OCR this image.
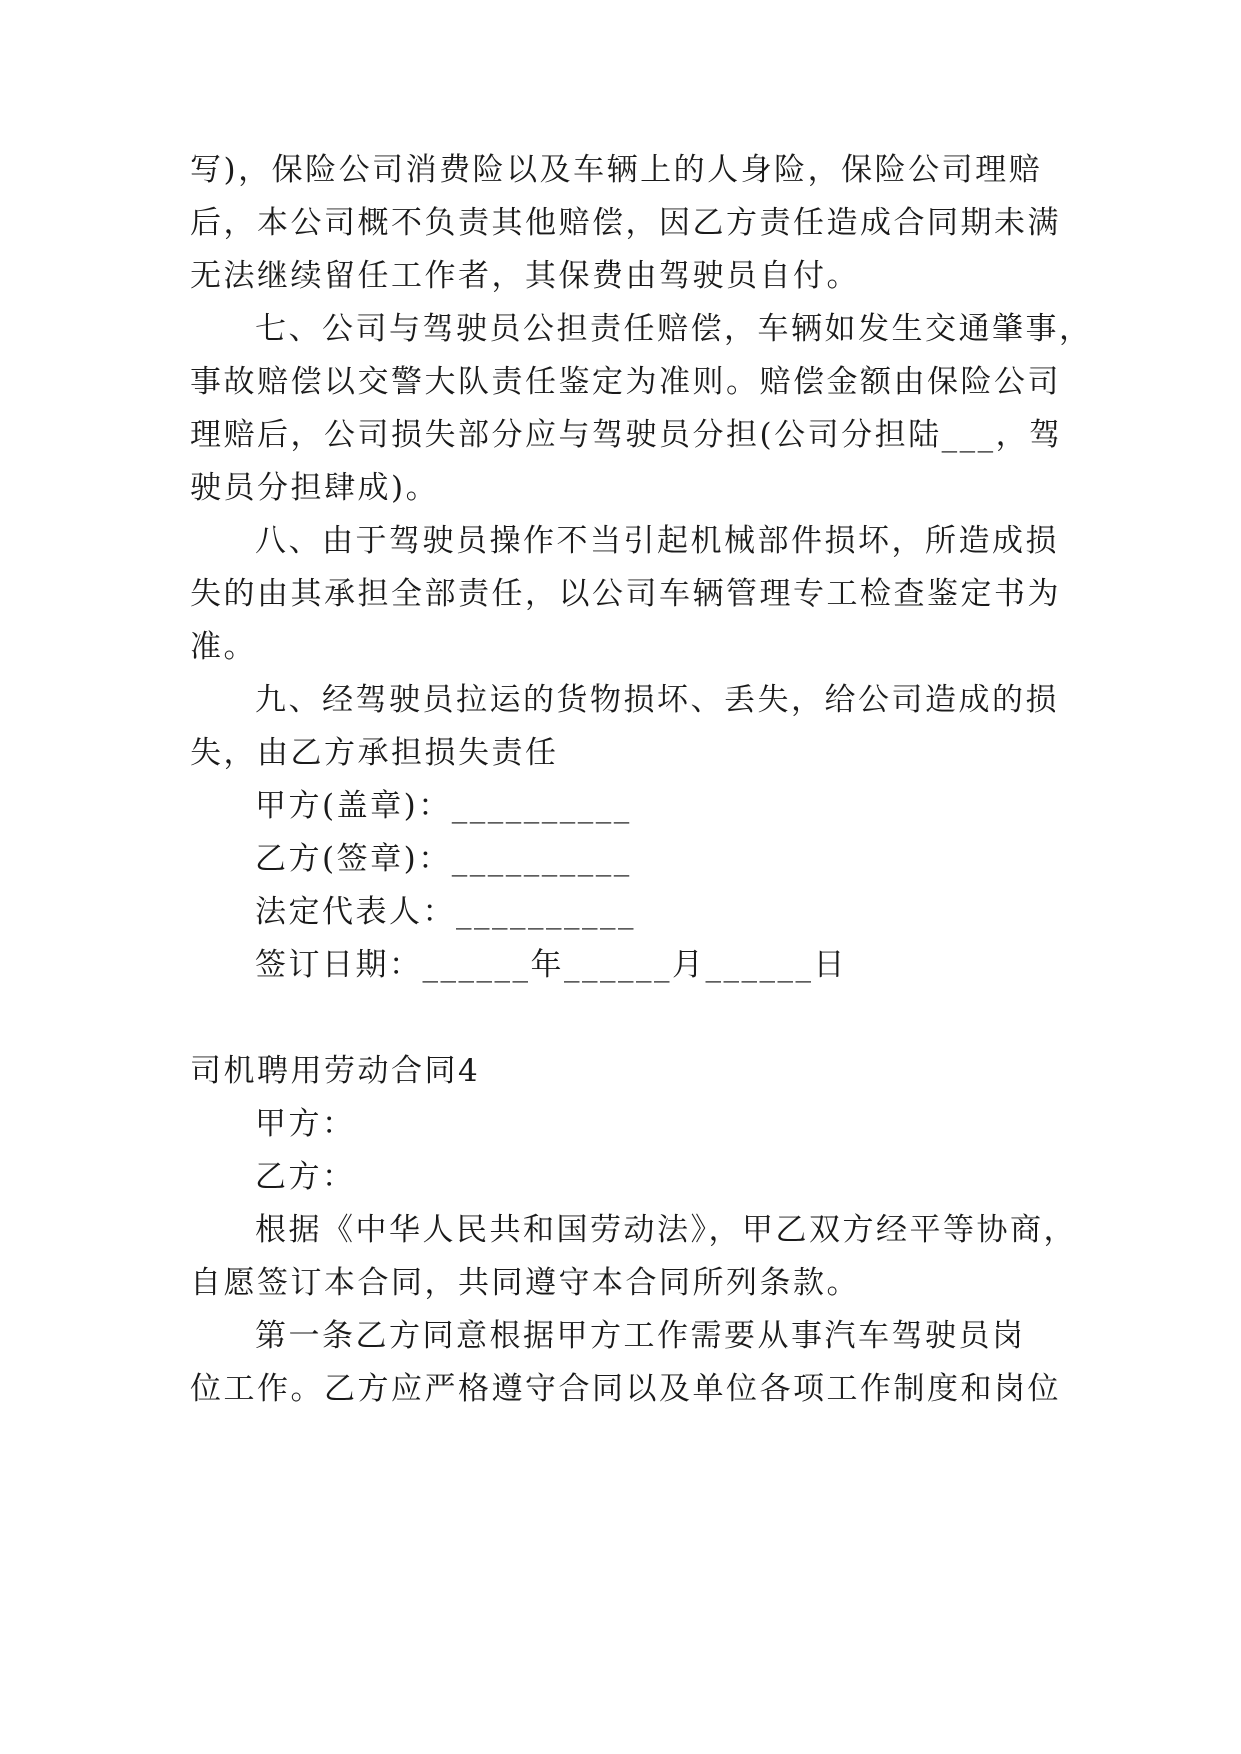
写)，保险公司消费险以及车辆上的人身险，保险公司理赔
后，本公司概不负责其他赔偿，因乙方责任造成合同期未满
无法继续留任工作者，其保费由驾驶员自付。
七、公司与驾驶员公担责任赔偿，车辆如发生交通肇事，
事故赔偿以交警大队责任鉴定为准则。赔偿金额由保险公司
理赔后，公司损失部分应与驾驶员分担(公司分担陆___，驾
驶员分担肆成)。
八、由于驾驶员操作不当引起机械部件损坏，所造成损
失的由其承担全部责任，以公司车辆管理专工检查鉴定书为
准。
九、经驾驶员拉运的货物损坏、丢失，给公司造成的损
失，由乙方承担损失责任
甲方(盖章)：__________
乙方(签章)：__________
法定代表人：__________
签订日期：______年______月______日
司机聘用劳动合同4
甲方：
乙方：
根据《中华人民共和国劳动法》，甲乙双方经平等协商，
自愿签订本合同，共同遵守本合同所列条款。
第一条乙方同意根据甲方工作需要从事汽车驾驶员岗
位工作。乙方应严格遵守合同以及单位各项工作制度和岗位
